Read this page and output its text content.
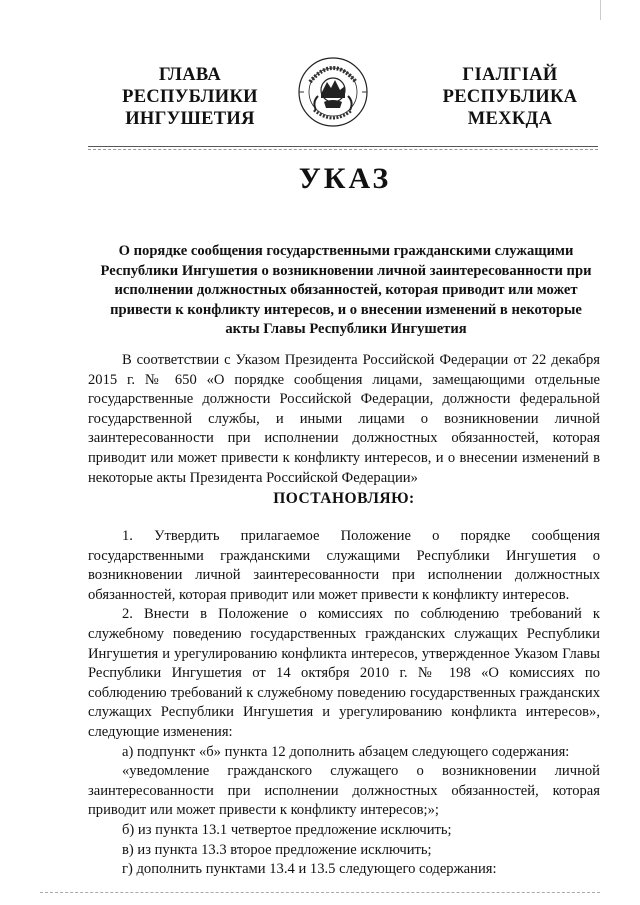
ГЛАВА
РЕСПУБЛИКИ
ИНГУШЕТИЯ
ГIАЛГIАЙ
РЕСПУБЛИКА
МЕХКДА
УКАЗ
О порядке сообщения государственными гражданскими служащими Республики Ингушетия о возникновении личной заинтересованности при исполнении должностных обязанностей, которая приводит или может привести к конфликту интересов, и о внесении изменений в некоторые акты Главы Республики Ингушетия

В соответствии с Указом Президента Российской Федерации от 22 декабря 2015 г. № 650 «О порядке сообщения лицами, замещающими отдельные государственные должности Российской Федерации, должности федеральной государственной службы, и иными лицами о возникновении личной заинтересованности при исполнении должностных обязанностей, которая приводит или может привести к конфликту интересов, и о внесении изменений в некоторые акты Президента Российской Федерации»

ПОСТАНОВЛЯЮ:

1. Утвердить прилагаемое Положение о порядке сообщения государственными гражданскими служащими Республики Ингушетия о возникновении личной заинтересованности при исполнении должностных обязанностей, которая приводит или может привести к конфликту интересов.

2. Внести в Положение о комиссиях по соблюдению требований к служебному поведению государственных гражданских служащих Республики Ингушетия и урегулированию конфликта интересов, утвержденное Указом Главы Республики Ингушетия от 14 октября 2010 г. № 198 «О комиссиях по соблюдению требований к служебному поведению государственных гражданских служащих Республики Ингушетия и урегулированию конфликта интересов», следующие изменения:

а) подпункт «б» пункта 12 дополнить абзацем следующего содержания:

«уведомление гражданского служащего о возникновении личной заинтересованности при исполнении должностных обязанностей, которая приводит или может привести к конфликту интересов;»;

б) из пункта 13.1 четвертое предложение исключить;

в) из пункта 13.3 второе предложение исключить;

г) дополнить пунктами 13.4 и 13.5 следующего содержания:
